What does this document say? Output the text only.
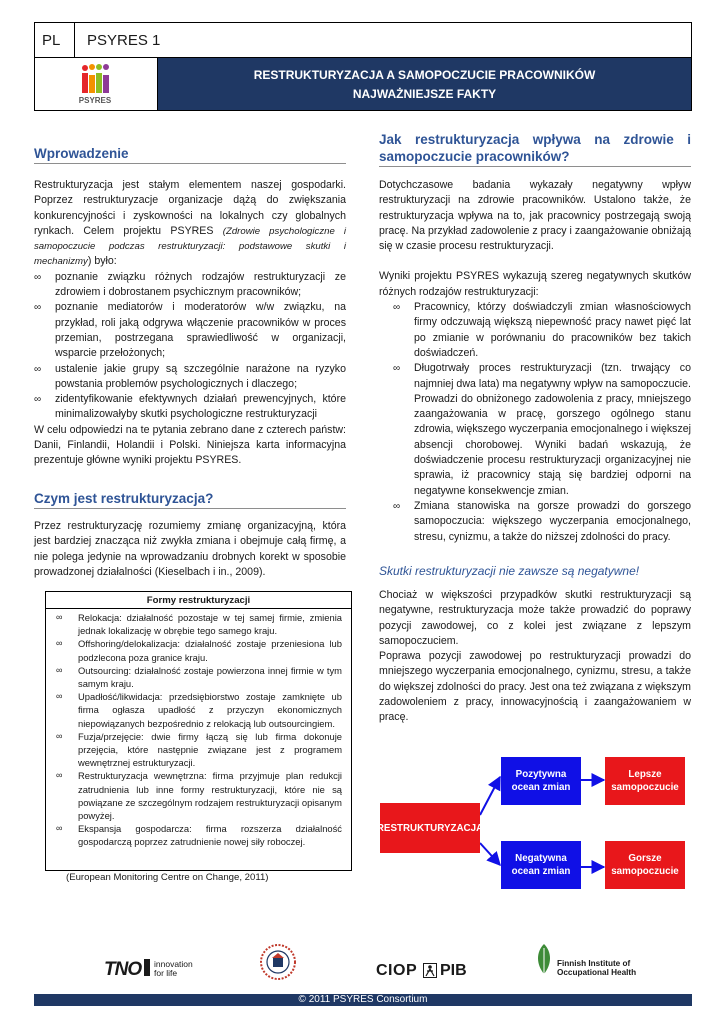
PL	PSYRES 1
PSYRES
RESTRUKTURYZACJA A SAMOPOCZUCIE PRACOWNIKÓW
NAJWAŻNIEJSZE FAKTY
Wprowadzenie

Restrukturyzacja jest stałym elementem naszej gospodarki. Poprzez restrukturyzacje organizacje dążą do zwiększania konkurencyjności i zyskowności na lokalnych czy globalnych rynkach. Celem projektu PSYRES (Zdrowie psychologiczne i samopoczucie podczas restrukturyzacji: podstawowe skutki i mechanizmy) było:

∞ poznanie związku różnych rodzajów restrukturyzacji ze zdrowiem i dobrostanem psychicznym pracowników;
∞ poznanie mediatorów i moderatorów w/w związku, na przykład, roli jaką odgrywa włączenie pracowników w proces przemian, postrzegana sprawiedliwość w organizacji, wsparcie przełożonych;
∞ ustalenie jakie grupy są szczególnie narażone na ryzyko powstania problemów psychologicznych i dlaczego;
∞ zidentyfikowanie efektywnych działań prewencyjnych, które minimalizowałyby skutki psychologiczne restrukturyzacji

W celu odpowiedzi na te pytania zebrano dane z czterech państw: Danii, Finlandii, Holandii i Polski. Niniejsza karta informacyjna prezentuje główne wyniki projektu PSYRES.

Czym jest restrukturyzacja?
Przez restrukturyzację rozumiemy zmianę organizacyjną, która jest bardziej znacząca niż zwykła zmiana i obejmuje całą firmę, a nie polega jedynie na wprowadzaniu drobnych korekt w sposobie prowadzonej działalności (Kieselbach i in., 2009).
Formy restrukturyzacji
∞ Relokacja: działalność pozostaje w tej samej firmie, zmienia jednak lokalizację w obrębie tego samego kraju.
∞ Offshoring/delokalizacja: działalność zostaje przeniesiona lub podzlecona poza granice kraju.
∞ Outsourcing: działalność zostaje powierzona innej firmie w tym samym kraju.
∞ Upadłość/likwidacja: przedsiębiorstwo zostaje zamknięte ub firma ogłasza upadłość z przyczyn ekonomicznych niepowiązanych bezpośrednio z relokacją lub outsourcingiem.
∞ Fuzja/przejęcie: dwie firmy łączą się lub firma dokonuje przejęcia, które następnie związane jest z programem wewnętrznej estrukturyzacji.
∞ Restrukturyzacja wewnętrzna: firma przyjmuje plan redukcji zatrudnienia lub inne formy restrukturyzacji, które nie są powiązane ze szczególnym rodzajem restrukturyzacji opisanym powyżej.
∞ Ekspansja gospodarcza: firma rozszerza działalność gospodarczą poprzez zatrudnienie nowej siły roboczej.
(European Monitoring Centre on Change, 2011)
Jak restrukturyzacja wpływa na zdrowie i samopoczucie pracowników?

Dotychczasowe badania wykazały negatywny wpływ restrukturyzacji na zdrowie pracowników. Ustalono także, że restrukturyzacja wpływa na to, jak pracownicy postrzegają swoją pracę. Na przykład zadowolenie z pracy i zaangażowanie obniżają się w czasie procesu restrukturyzacji.

Wyniki projektu PSYRES wykazują szereg negatywnych skutków różnych rodzajów restrukturyzacji:

∞ Pracownicy, którzy doświadczyli zmian własnościowych firmy odczuwają większą niepewność pracy nawet pięć lat po zmianie w porównaniu do pracowników bez takich doświadczeń.
∞ Długotrwały proces restrukturyzacji (tzn. trwający co najmniej dwa lata) ma negatywny wpływ na samopoczucie. Prowadzi do obniżonego zadowolenia z pracy, mniejszego zaangażowania w pracę, gorszego ogólnego stanu zdrowia, większego wyczerpania emocjonalnego i większej absencji chorobowej. Wyniki badań wskazują, że doświadczenie procesu restrukturyzacji organizacyjnej nie sprawia, iż pracownicy stają się bardziej odporni na negatywne konsekwencje zmian.
∞ Zmiana stanowiska na gorsze prowadzi do gorszego samopoczucia: większego wyczerpania emocjonalnego, stresu, cynizmu, a także do niższej zdolności do pracy.
Skutki restrukturyzacji nie zawsze są negatywne!

Chociaż w większości przypadków skutki restrukturyzacji są negatywne, restrukturyzacja może także prowadzić do poprawy pozycji zawodowej, co z kolei jest związane z lepszym samopoczuciem.

Poprawa pozycji zawodowej po restrukturyzacji prowadzi do mniejszego wyczerpania emocjonalnego, cynizmu, stresu, a także do większej zdolności do pracy. Jest ona też związana z większym zadowoleniem z pracy, innowacyjnością i zaangażowaniem w pracę.

RESTRUKTURYZACJA
Pozytywna
ocean zmian
Negatywna
ocean zmian
Lepsze
samopoczucie
Gorsze
samopoczucie
TNO innovation
for life	CIOP PIB	Finnish Institute of
Occupational Health
© 2011 PSYRES Consortium
